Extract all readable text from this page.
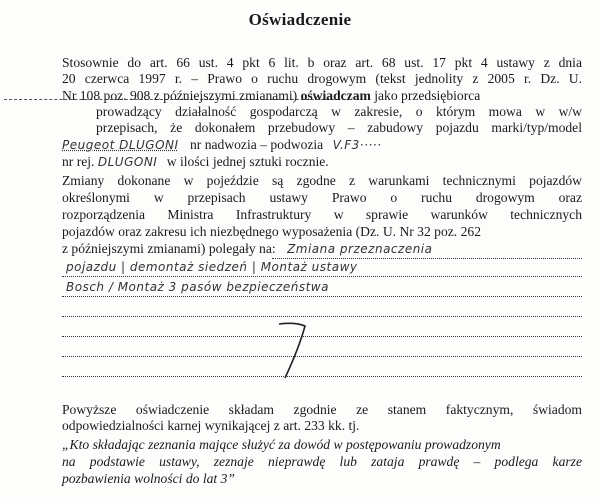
Oświadczenie
Stosownie do art. 66 ust. 4 pkt 6 lit. b oraz art. 68 ust. 17 pkt 4 ustawy z dnia
20 czerwca 1997 r. – Prawo o ruchu drogowym (tekst jednolity z 2005 r. Dz. U.
Nr 108 poz. 908 z późniejszymi zmianami) oświadczam jako przedsiębiorca
prowadzący działalność gospodarczą w zakresie, o którym mowa w w/w
przepisach, że dokonałem przebudowy – zabudowy pojazdu marki/typ/model
Peugeot DLUGONI nr nadwozia – podwozia V.F3·····
nr rej. DLUGONI w ilości jednej sztuki rocznie.
Zmiany dokonane w pojeździe są zgodne z warunkami technicznymi pojazdów
określonymi w przepisach ustawy Prawo o ruchu drogowym oraz
rozporządzenia Ministra Infrastruktury w sprawie warunków technicznych
pojazdów oraz zakresu ich niezbędnego wyposażenia (Dz. U. Nr 32 poz. 262
z późniejszymi zmianami) polegały na: Zmiana przeznaczenia
pojazdu | demontaż siedzeń | Montaż ustawy
Bosch / Montaż 3 pasów bezpieczeństwa
Powyższe oświadczenie składam zgodnie ze stanem faktycznym, świadom
odpowiedzialności karnej wynikającej z art. 233 kk. tj.
„Kto składając zeznania mające służyć za dowód w postępowaniu prowadzonym
na podstawie ustawy, zeznaje nieprawdę lub zataja prawdę – podlega karze
pozbawienia wolności do lat 3”
